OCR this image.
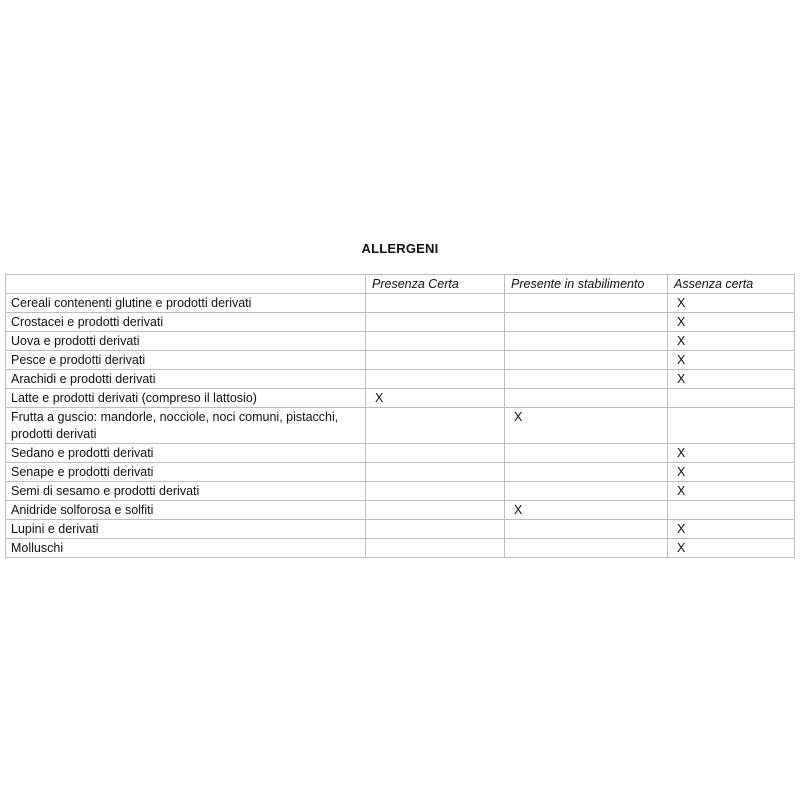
ALLERGENI
	Presenza Certa	Presente in stabilimento	Assenza certa
Cereali contenenti glutine e prodotti derivati			X
Crostacei e prodotti derivati			X
Uova e prodotti derivati			X
Pesce e prodotti derivati			X
Arachidi e prodotti derivati			X
Latte e prodotti derivati (compreso il lattosio)	X		
Frutta a guscio: mandorle, nocciole, noci comuni, pistacchi, prodotti derivati		X	
Sedano e prodotti derivati			X
Senape e prodotti derivati			X
Semi di sesamo e prodotti derivati			X
Anidride solforosa e solfiti		X	
Lupini e derivati			X
Molluschi			X
